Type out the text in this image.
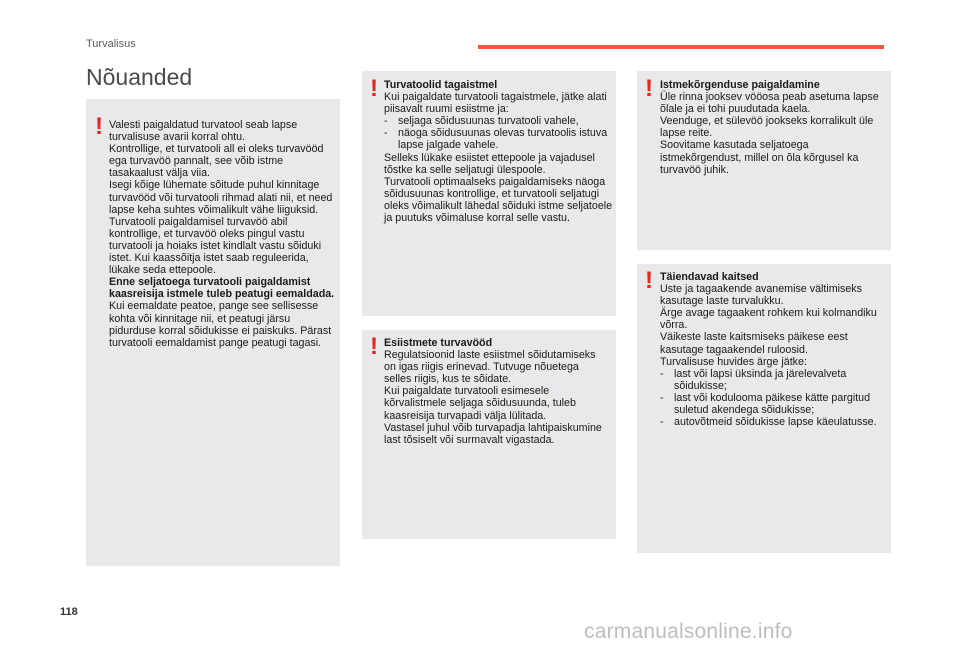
Turvalisus
Nõuanded
! Valesti paigaldatud turvatool seab lapse turvalisuse avarii korral ohtu.
Kontrollige, et turvatooli all ei oleks turvavööd ega turvavöö pannalt, see võib istme tasakaalust välja viia.
Isegi kõige lühemate sõitude puhul kinnitage turvavööd või turvatooli rihmad alati nii, et need lapse keha suhtes võimalikult vähe liiguksid.
Turvatooli paigaldamisel turvavöö abil kontrollige, et turvavöö oleks pingul vastu turvatooli ja hoiaks istet kindlalt vastu sõiduki istet. Kui kaassõitja istet saab reguleerida, lükake seda ettepoole.
Enne seljatoega turvatooli paigaldamist kaasreisija istmele tuleb peatugi eemaldada.
Kui eemaldate peatoe, pange see sellisesse kohta või kinnitage nii, et peatugi järsu pidurduse korral sõidukisse ei paiskuks. Pärast turvatooli eemaldamist pange peatugi tagasi.
! Turvatoolid tagaistmel
Kui paigaldate turvatooli tagaistmele, jätke alati piisavalt ruumi esiistme ja:
- seljaga sõidusuunas turvatooli vahele,
- näoga sõidusuunas olevas turvatoolis istuva lapse jalgade vahele.
Selleks lükake esiistet ettepoole ja vajadusel tõstke ka selle seljatugi ülespoole.
Turvatooli optimaalseks paigaldamiseks näoga sõidusuunas kontrollige, et turvatooli seljatugi oleks võimalikult lähedal sõiduki istme seljatoele ja puutuks võimaluse korral selle vastu.
! Esiistmete turvavööd
Regulatsioonid laste esiistmel sõidutamiseks on igas riigis erinevad. Tutvuge nõuetega selles riigis, kus te sõidate.
Kui paigaldate turvatooli esimesele kõrvalistmele seljaga sõidusuunda, tuleb kaasreisija turvapadi välja lülitada.
Vastasel juhul võib turvapadja lahtipaiskumine last tõsiselt või surmavalt vigastada.
! Istmekõrgenduse paigaldamine
Üle rinna jooksev vööosa peab asetuma lapse õlale ja ei tohi puudutada kaela.
Veenduge, et sülevöö jookseks korralikult üle lapse reite.
Soovitame kasutada seljatoega istmekõrgendust, millel on õla kõrgusel ka turvavöö juhik.
! Täiendavad kaitsed
Uste ja tagaakende avanemise vältimiseks kasutage laste turvalukku.
Ärge avage tagaakent rohkem kui kolmandiku võrra.
Väikeste laste kaitsmiseks päikese eest kasutage tagaakendel ruloosid.
Turvalisuse huvides ärge jätke:
- last või lapsi üksinda ja järelevalveta sõidukisse;
- last või kodulooma päikese kätte pargitud suletud akendega sõidukisse;
- autovõtmeid sõidukisse lapse käeulatusse.
118
carmanualsonline.info
